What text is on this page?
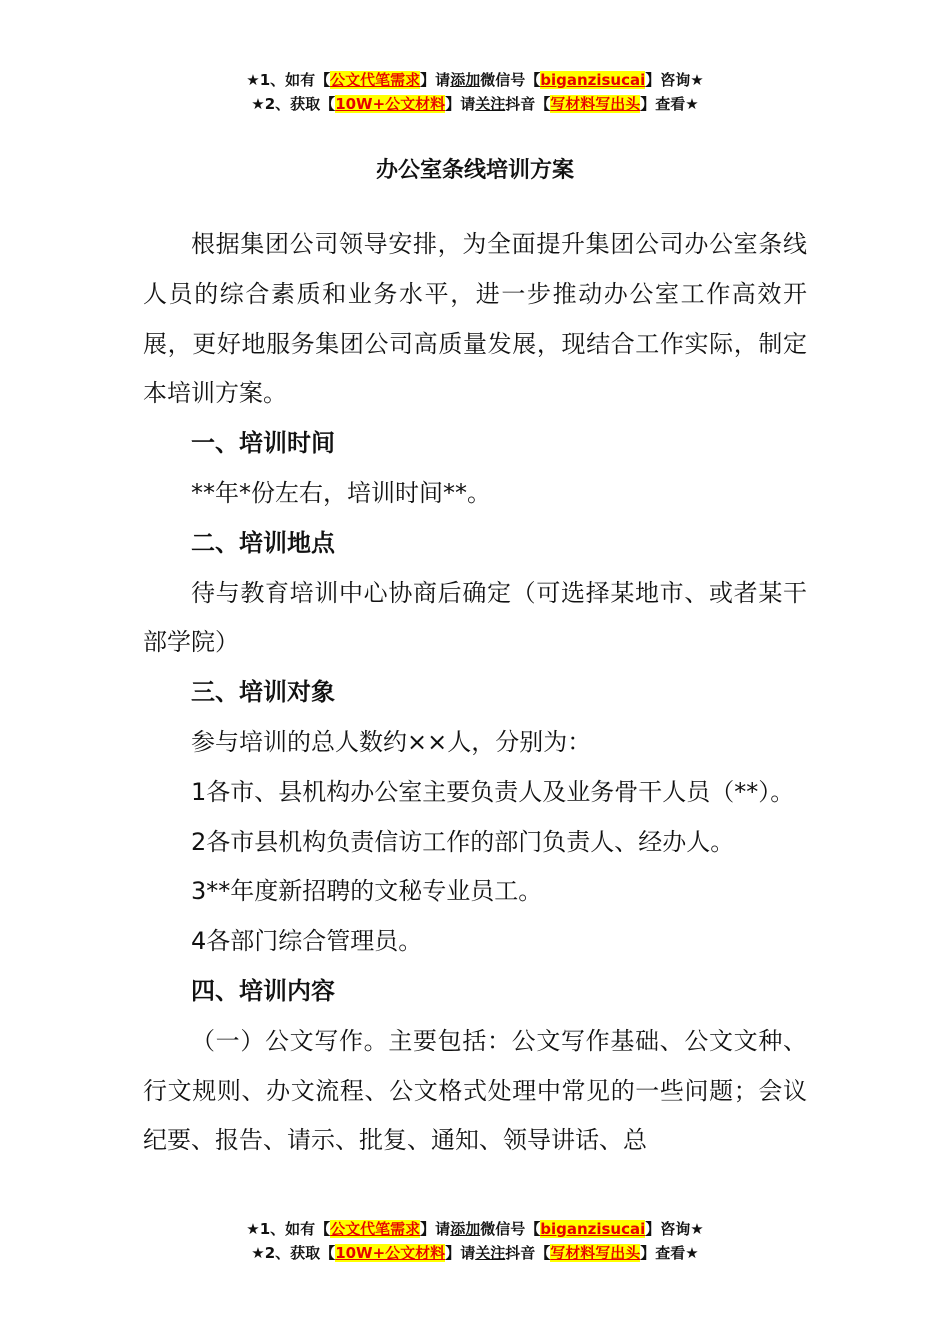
★1、如有【公文代笔需求】请添加微信号【biganzisucai】咨询★
★2、获取【10W+公文材料】请关注抖音【写材料写出头】查看★
办公室条线培训方案

根据集团公司领导安排，为全面提升集团公司办公室条线人员的综合素质和业务水平，进一步推动办公室工作高效开展，更好地服务集团公司高质量发展，现结合工作实际，制定本培训方案。

一、培训时间

**年*份左右，培训时间**。

二、培训地点

待与教育培训中心协商后确定（可选择某地市、或者某干部学院）

三、培训对象

参与培训的总人数约××人，分别为：

1各市、县机构办公室主要负责人及业务骨干人员（**）。

2各市县机构负责信访工作的部门负责人、经办人。

3**年度新招聘的文秘专业员工。

4各部门综合管理员。

四、培训内容

（一）公文写作。主要包括：公文写作基础、公文文种、行文规则、办文流程、公文格式处理中常见的一些问题；会议纪要、报告、请示、批复、通知、领导讲话、总

★1、如有【公文代笔需求】请添加微信号【biganzisucai】咨询★
★2、获取【10W+公文材料】请关注抖音【写材料写出头】查看★
